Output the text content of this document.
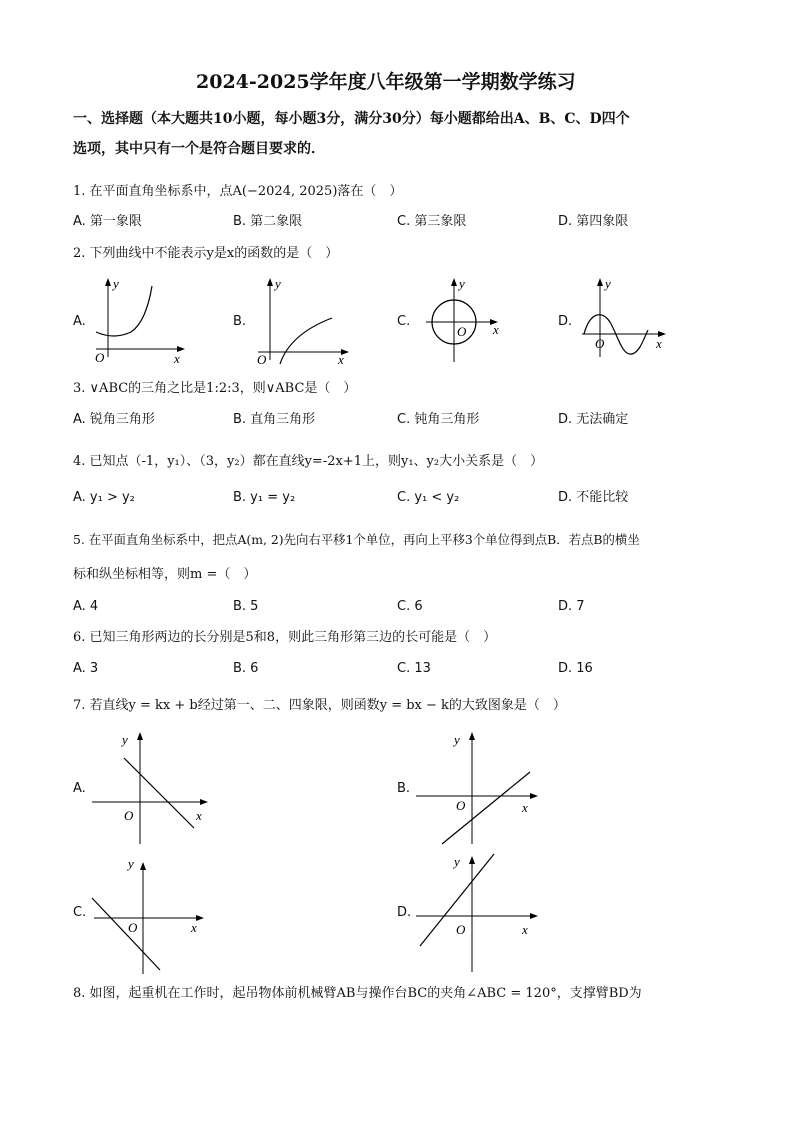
2024-2025学年度八年级第一学期数学练习
一、选择题（本大题共10小题，每小题3分，满分30分）每小题都给出A、B、C、D四个
选项，其中只有一个是符合题目要求的．
1. 在平面直角坐标系中，点A(−2024, 2025)落在（　）
A. 第一象限	B. 第二象限	C. 第三象限	D. 第四象限
2. 下列曲线中不能表示y是x的函数的是（　）
A.	B.	C.	D.
y
x
O
y
x
O
y
x
O
y
x
O
3. ∨ABC的三角之比是1:2:3，则∨ABC是（　）
A. 锐角三角形	B. 直角三角形	C. 钝角三角形	D. 无法确定
4. 已知点（-1，y₁）、（3，y₂）都在直线y=-2x+1上，则y₁、y₂大小关系是（　）
A. y₁ > y₂	B. y₁ = y₂	C. y₁ < y₂	D. 不能比较
5. 在平面直角坐标系中，把点A(m, 2)先向右平移1个单位，再向上平移3个单位得到点B．若点B的横坐
标和纵坐标相等，则m =（　）
A. 4	B. 5	C. 6	D. 7
6. 已知三角形两边的长分别是5和8，则此三角形第三边的长可能是（　）
A. 3	B. 6	C. 13	D. 16
7. 若直线y = kx + b经过第一、二、四象限，则函数y = bx − k的大致图象是（　）
A.	B.
C.	D.
y
x
O
y
x
O
y
x
O
y
x
O
8. 如图，起重机在工作时，起吊物体前机械臂AB与操作台BC的夹角∠ABC = 120°，支撑臂BD为
